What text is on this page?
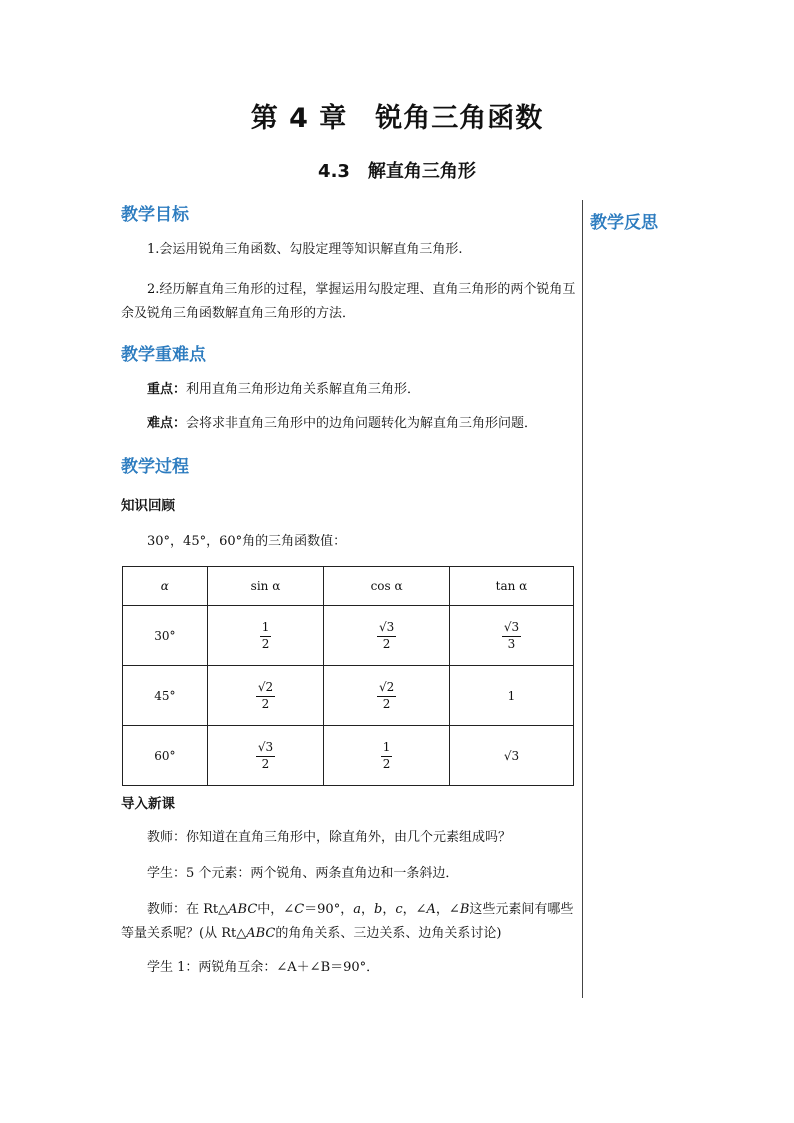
第 4 章　锐角三角函数
4.3　解直角三角形
教学反思
教学目标

1.会运用锐角三角函数、勾股定理等知识解直角三角形.

2.经历解直角三角形的过程，掌握运用勾股定理、直角三角形的两个锐角互余及锐角三角函数解直角三角形的方法．

教学重难点

重点：利用直角三角形边角关系解直角三角形．

难点：会将求非直角三角形中的边角问题转化为解直角三角形问题．

教学过程
知识回顾

30°，45°，60°角的三角函数值：

α	sin α	cos α	tan α
30°	$\frac{1}{2}$	$\frac{√3}{2}$	$\frac{√3}{3}$

45°	$\frac{√2}{2}$	$\frac{√2}{2}$	1
60°	$\frac{√3}{2}$	$\frac{1}{2}$	√3
导入新课

教师：你知道在直角三角形中，除直角外，由几个元素组成吗？

学生：5 个元素：两个锐角、两条直角边和一条斜边．

教师：在 Rt△ABC中，∠C＝90°，a，b，c，∠A，∠B这些元素间有哪些等量关系呢？(从 Rt△ABC的角角关系、三边关系、边角关系讨论)

学生 1：两锐角互余：∠A＋∠B＝90°．
